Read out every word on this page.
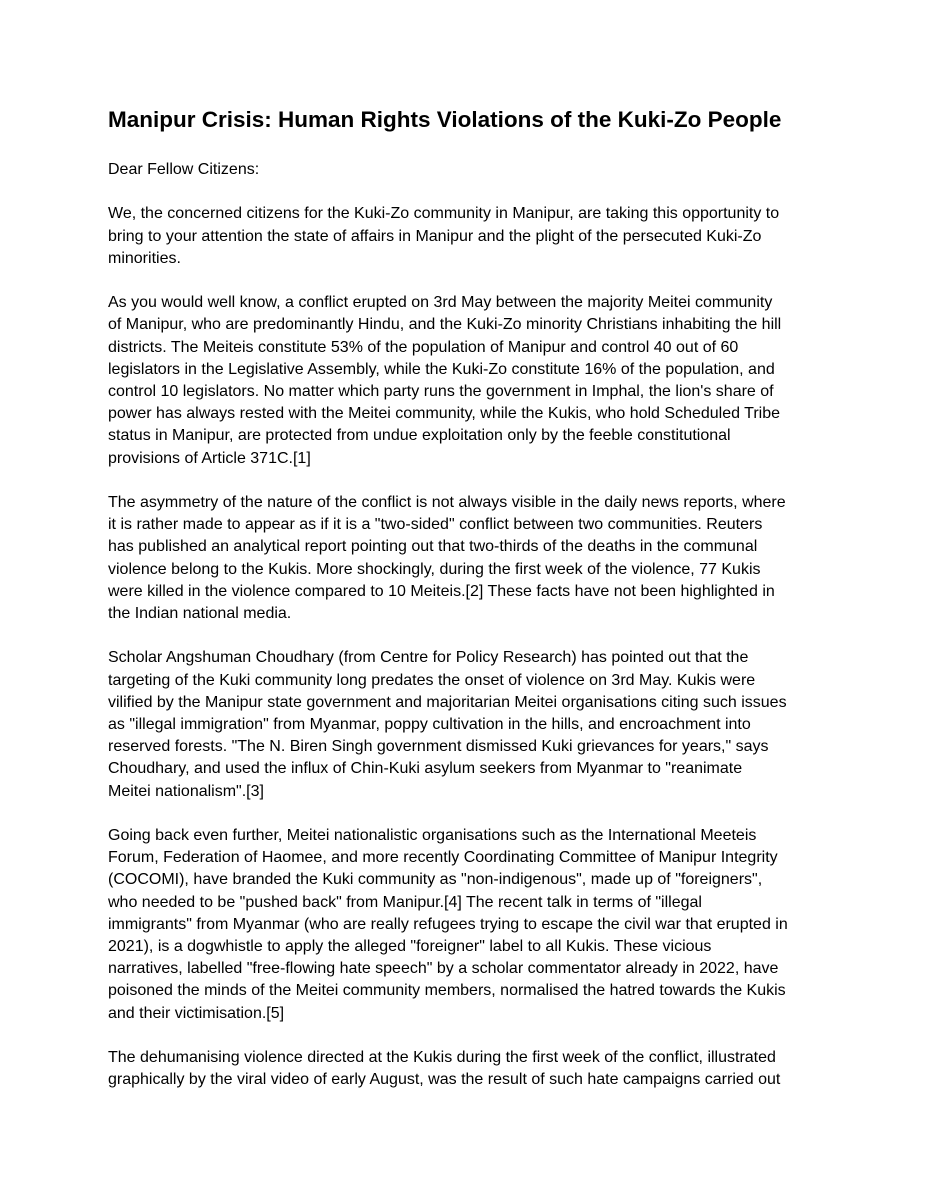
Manipur Crisis: Human Rights Violations of the Kuki-Zo People

Dear Fellow Citizens:

We, the concerned citizens for the Kuki-Zo community in Manipur, are taking this opportunity to
bring to your attention the state of affairs in Manipur and the plight of the persecuted Kuki-Zo
minorities.

As you would well know, a conflict erupted on 3rd May between the majority Meitei community
of Manipur, who are predominantly Hindu, and the Kuki-Zo minority Christians inhabiting the hill
districts. The Meiteis constitute 53% of the population of Manipur and control 40 out of 60
legislators in the Legislative Assembly, while the Kuki-Zo constitute 16% of the population, and
control 10 legislators. No matter which party runs the government in Imphal, the lion's share of
power has always rested with the Meitei community, while the Kukis, who hold Scheduled Tribe
status in Manipur, are protected from undue exploitation only by the feeble constitutional
provisions of Article 371C.[1]

The asymmetry of the nature of the conflict is not always visible in the daily news reports, where
it is rather made to appear as if it is a "two-sided" conflict between two communities. Reuters
has published an analytical report pointing out that two-thirds of the deaths in the communal
violence belong to the Kukis. More shockingly, during the first week of the violence, 77 Kukis
were killed in the violence compared to 10 Meiteis.[2] These facts have not been highlighted in
the Indian national media.

Scholar Angshuman Choudhary (from Centre for Policy Research) has pointed out that the
targeting of the Kuki community long predates the onset of violence on 3rd May. Kukis were
vilified by the Manipur state government and majoritarian Meitei organisations citing such issues
as "illegal immigration" from Myanmar, poppy cultivation in the hills, and encroachment into
reserved forests. "The N. Biren Singh government dismissed Kuki grievances for years," says
Choudhary, and used the influx of Chin-Kuki asylum seekers from Myanmar to "reanimate
Meitei nationalism".[3]

Going back even further, Meitei nationalistic organisations such as the International Meeteis
Forum, Federation of Haomee, and more recently Coordinating Committee of Manipur Integrity
(COCOMI), have branded the Kuki community as "non-indigenous", made up of "foreigners",
who needed to be "pushed back" from Manipur.[4] The recent talk in terms of "illegal
immigrants" from Myanmar (who are really refugees trying to escape the civil war that erupted in
2021), is a dogwhistle to apply the alleged "foreigner" label to all Kukis. These vicious
narratives, labelled "free-flowing hate speech" by a scholar commentator already in 2022, have
poisoned the minds of the Meitei community members, normalised the hatred towards the Kukis
and their victimisation.[5]

The dehumanising violence directed at the Kukis during the first week of the conflict, illustrated
graphically by the viral video of early August, was the result of such hate campaigns carried out
